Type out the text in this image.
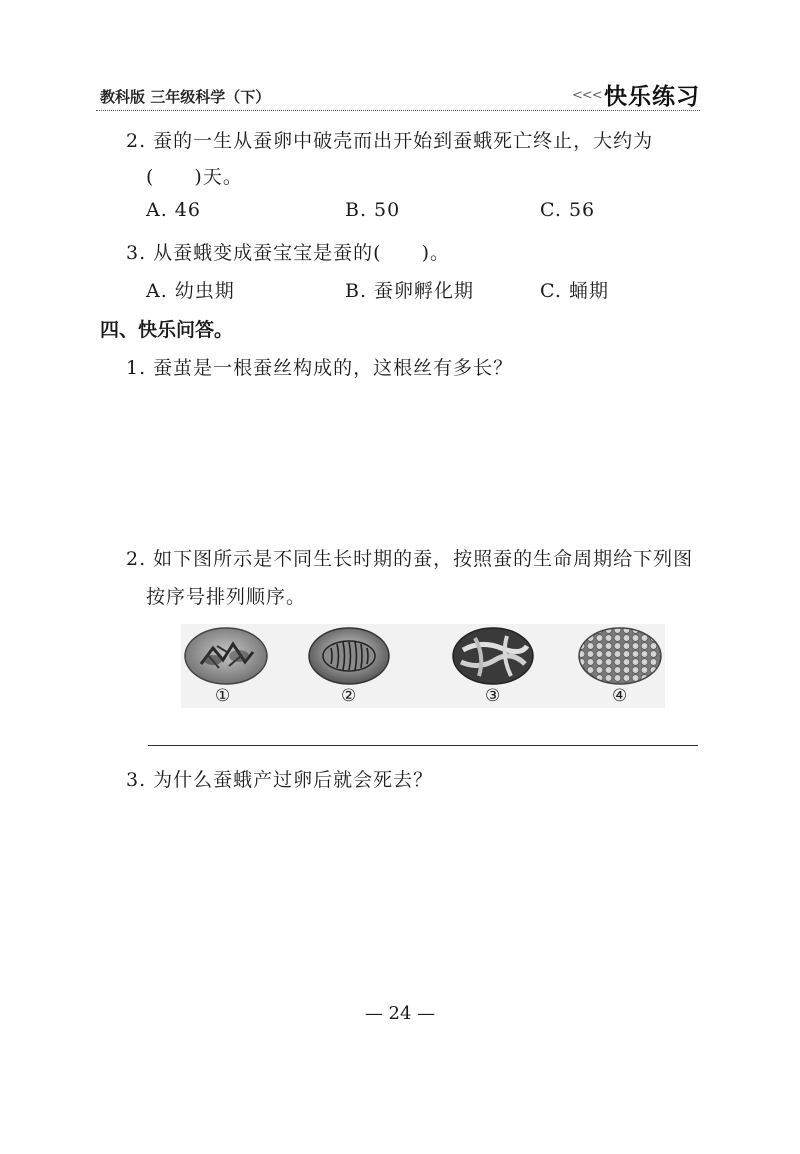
教科版 三年级科学（下）	<<< 快乐练习
2. 蚕的一生从蚕卵中破壳而出开始到蚕蛾死亡终止，大约为
(　　)天。
A. 46	B. 50	C. 56
3. 从蚕蛾变成蚕宝宝是蚕的(　　)。
A. 幼虫期	B. 蚕卵孵化期	C. 蛹期
四、快乐问答。
1. 蚕茧是一根蚕丝构成的，这根丝有多长？
2. 如下图所示是不同生长时期的蚕，按照蚕的生命周期给下列图
按序号排列顺序。
①	②	③	④
3. 为什么蚕蛾产过卵后就会死去？
— 24 —
